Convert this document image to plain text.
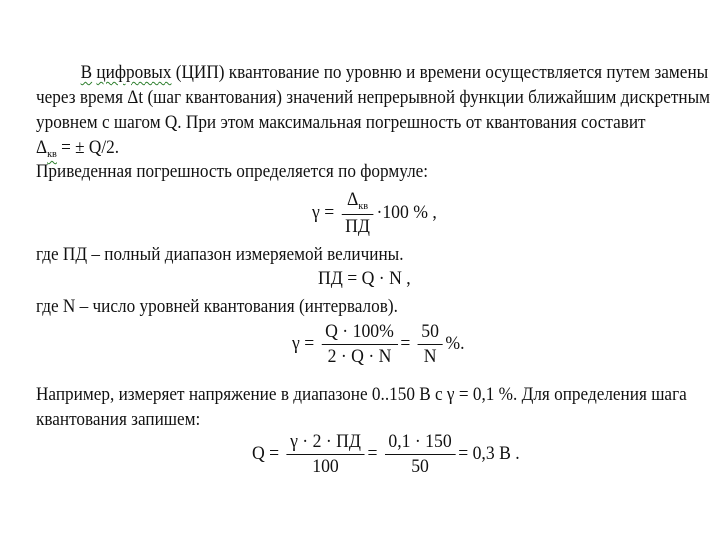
В цифровых (ЦИП) квантование по уровню и времени осуществляется путем замены
через время Δt (шаг квантования) значений непрерывной функции ближайшим дискретным
уровнем с шагом Q. При этом максимальная погрешность от квантования составит
$\Delta_{кв}$ = ± Q/2.
Приведенная погрешность определяется по формуле:
$\gamma = \frac{\Delta_{кв}}{ПД} \cdot 100$ % ,
где ПД – полный диапазон измеряемой величины.
ПД = Q · N ,
где N – число уровней квантования (интервалов).
$\gamma = \frac{Q \cdot 100\%}{2 \cdot Q \cdot N} = \frac{50}{N}$ %.
Например, измеряет напряжение в диапазоне 0..150 В с γ = 0,1 %. Для определения шага
квантования запишем:
$Q = \frac{\gamma \cdot 2 \cdot ПД}{100} = \frac{0,1 \cdot 150}{50} = 0,3$ В .
